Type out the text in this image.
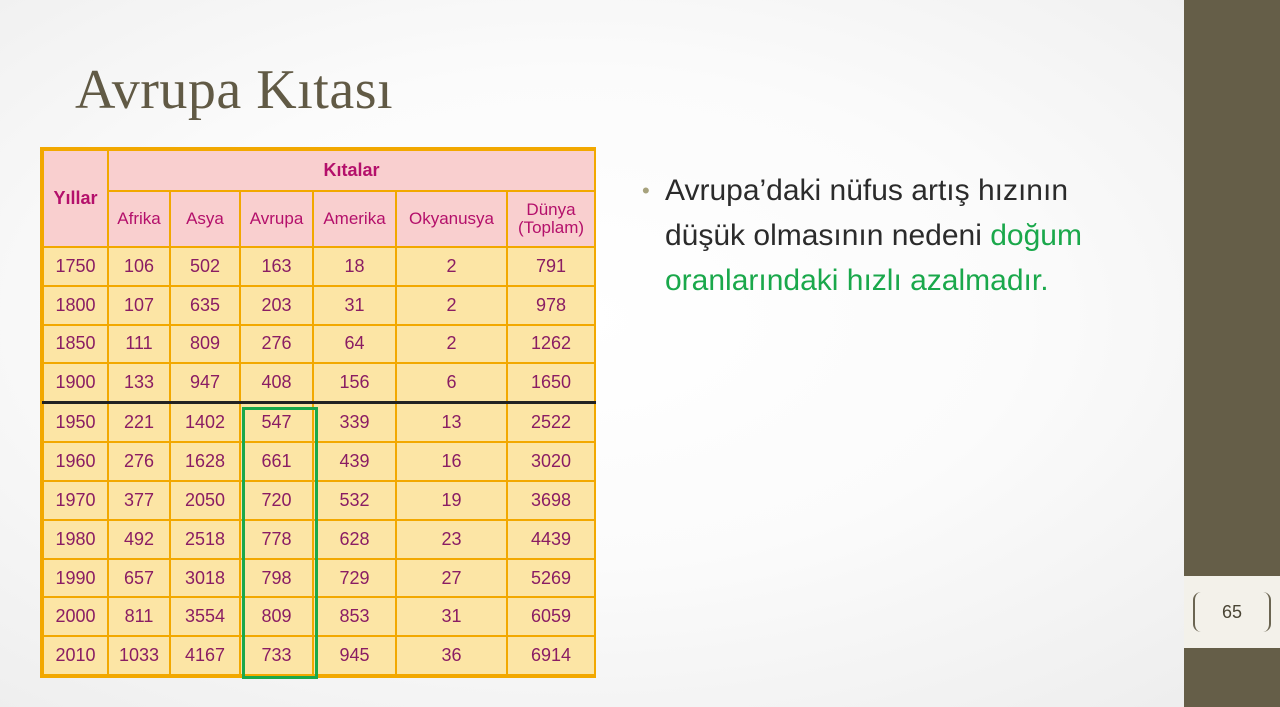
Avrupa Kıtası
Yıllar	Kıtalar					
	Afrika	Asya	Avrupa	Amerika	Okyanusya	Dünya (Toplam)
1750	106	502	163	18	2	791
1800	107	635	203	31	2	978
1850	111	809	276	64	2	1262
1900	133	947	408	156	6	1650
1950	221	1402	547	339	13	2522
1960	276	1628	661	439	16	3020
1970	377	2050	720	532	19	3698
1980	492	2518	778	628	23	4439
1990	657	3018	798	729	27	5269
2000	811	3554	809	853	31	6059
2010	1033	4167	733	945	36	6914
• Avrupa’daki nüfus artış hızının düşük olmasının nedeni doğum oranlarındaki hızlı azalmadır.
65
